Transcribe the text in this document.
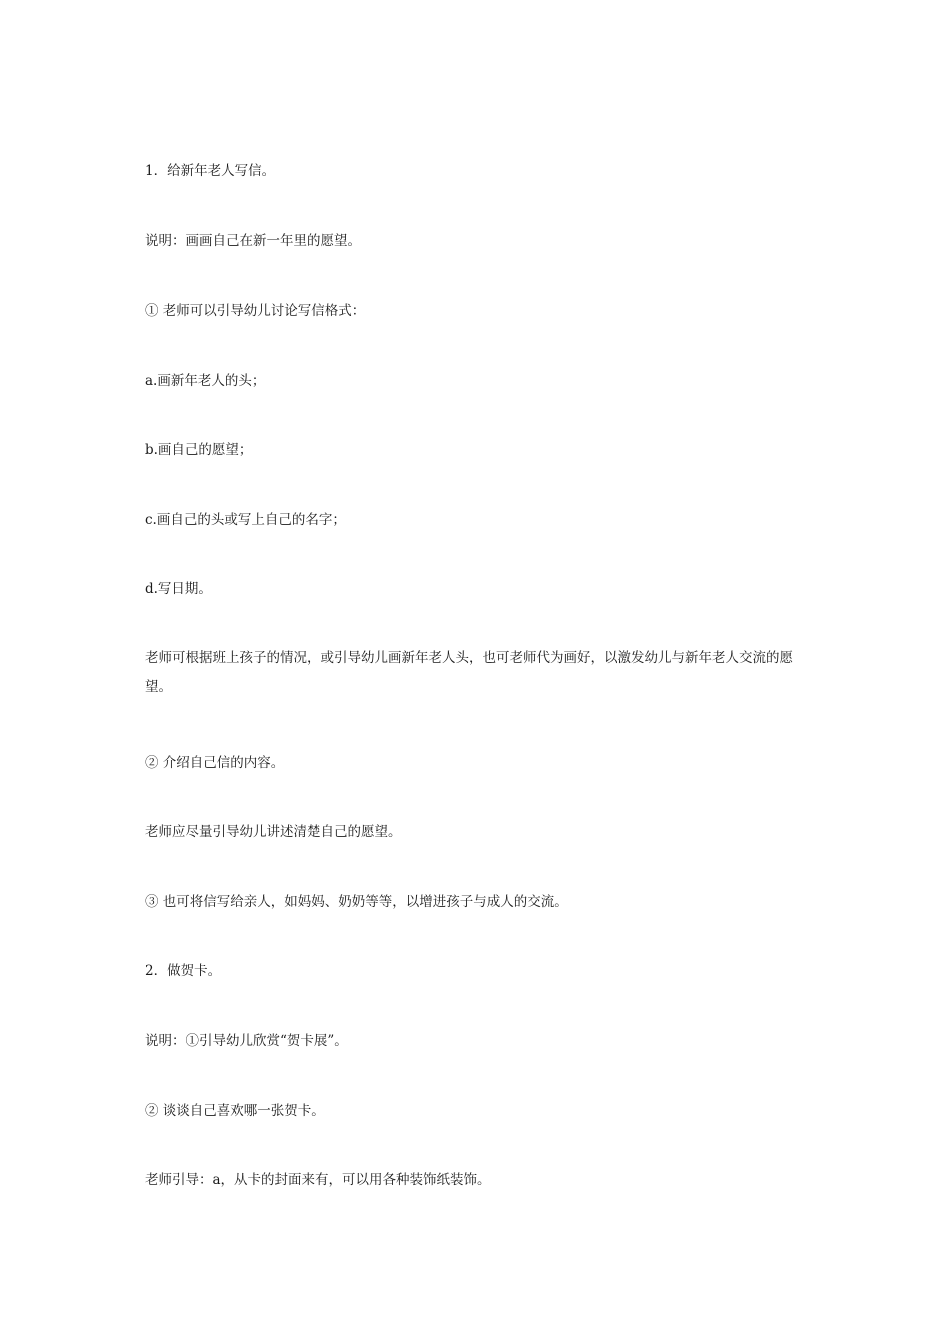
1．给新年老人写信。

说明：画画自己在新一年里的愿望。

① 老师可以引导幼儿讨论写信格式：

a.画新年老人的头；

b.画自己的愿望；

c.画自己的头或写上自己的名字；

d.写日期。

老师可根据班上孩子的情况，或引导幼儿画新年老人头，也可老师代为画好，以激发幼儿与新年老人交流的愿望。

② 介绍自己信的内容。

老师应尽量引导幼儿讲述清楚自己的愿望。

③ 也可将信写给亲人，如妈妈、奶奶等等，以增进孩子与成人的交流。

2．做贺卡。

说明：①引导幼儿欣赏“贺卡展”。

② 谈谈自己喜欢哪一张贺卡。

老师引导：a，从卡的封面来有，可以用各种装饰纸装饰。
